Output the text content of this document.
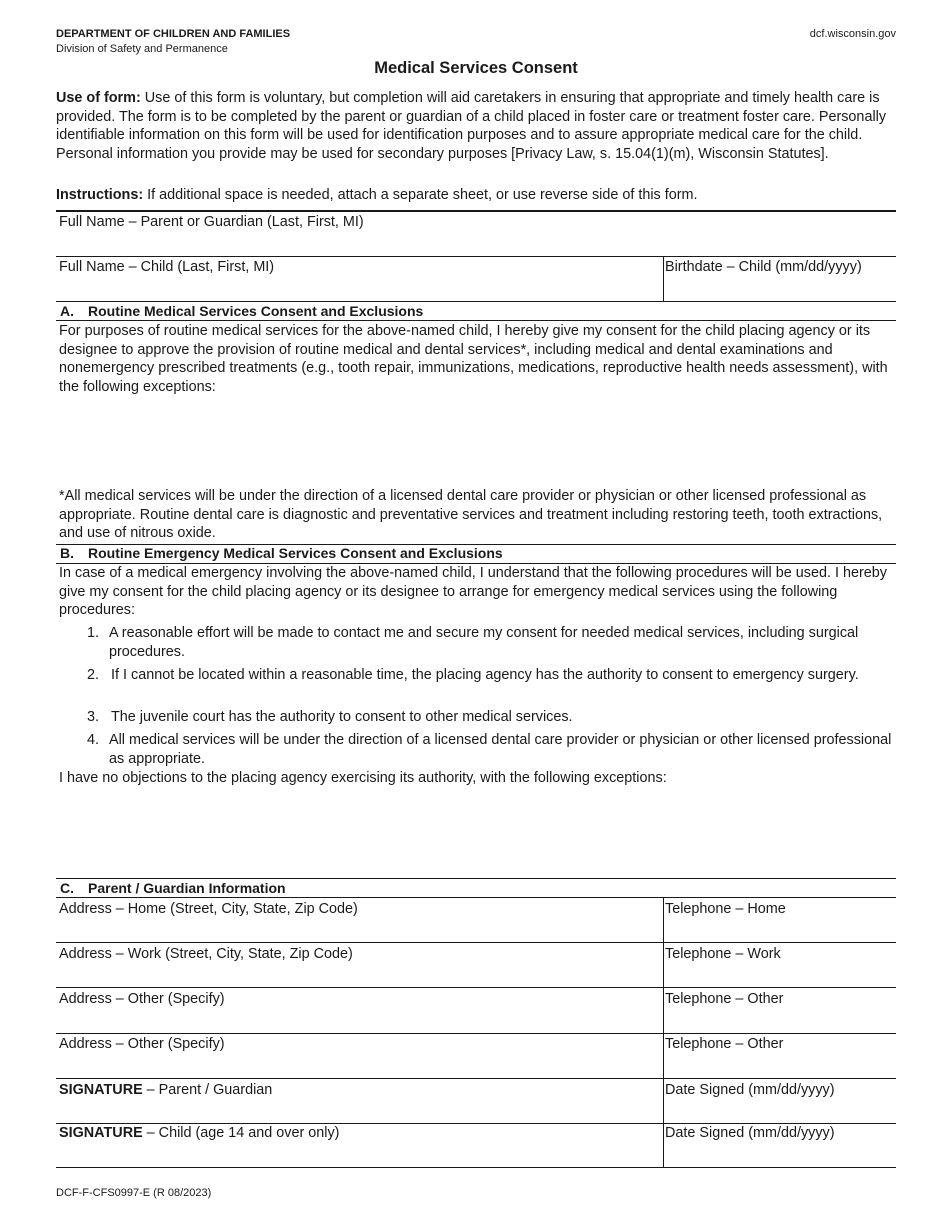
DEPARTMENT OF CHILDREN AND FAMILIES
Division of Safety and Permanence
dcf.wisconsin.gov
Medical Services Consent

Use of form: Use of this form is voluntary, but completion will aid caretakers in ensuring that appropriate and timely health care is provided. The form is to be completed by the parent or guardian of a child placed in foster care or treatment foster care. Personally identifiable information on this form will be used for identification purposes and to assure appropriate medical care for the child. Personal information you provide may be used for secondary purposes [Privacy Law, s. 15.04(1)(m), Wisconsin Statutes].

Instructions: If additional space is needed, attach a separate sheet, or use reverse side of this form.
Full Name – Parent or Guardian (Last, First, MI)
Full Name – Child (Last, First, MI)	Birthdate – Child (mm/dd/yyyy)
A. Routine Medical Services Consent and Exclusions
For purposes of routine medical services for the above-named child, I hereby give my consent for the child placing agency or its designee to approve the provision of routine medical and dental services*, including medical and dental examinations and nonemergency prescribed treatments (e.g., tooth repair, immunizations, medications, reproductive health needs assessment), with the following exceptions:
*All medical services will be under the direction of a licensed dental care provider or physician or other licensed professional as appropriate. Routine dental care is diagnostic and preventative services and treatment including restoring teeth, tooth extractions, and use of nitrous oxide.
B. Routine Emergency Medical Services Consent and Exclusions
In case of a medical emergency involving the above-named child, I understand that the following procedures will be used. I hereby give my consent for the child placing agency or its designee to arrange for emergency medical services using the following procedures:
1. A reasonable effort will be made to contact me and secure my consent for needed medical services, including surgical procedures.
2. If I cannot be located within a reasonable time, the placing agency has the authority to consent to emergency surgery.
3. The juvenile court has the authority to consent to other medical services.
4. All medical services will be under the direction of a licensed dental care provider or physician or other licensed professional as appropriate.
I have no objections to the placing agency exercising its authority, with the following exceptions:
C. Parent / Guardian Information
Address – Home (Street, City, State, Zip Code)	Telephone – Home
Address – Work (Street, City, State, Zip Code)	Telephone – Work
Address – Other (Specify)	Telephone – Other
Address – Other (Specify)	Telephone – Other
SIGNATURE – Parent / Guardian	Date Signed (mm/dd/yyyy)
SIGNATURE – Child (age 14 and over only)	Date Signed (mm/dd/yyyy)
DCF-F-CFS0997-E (R 08/2023)
